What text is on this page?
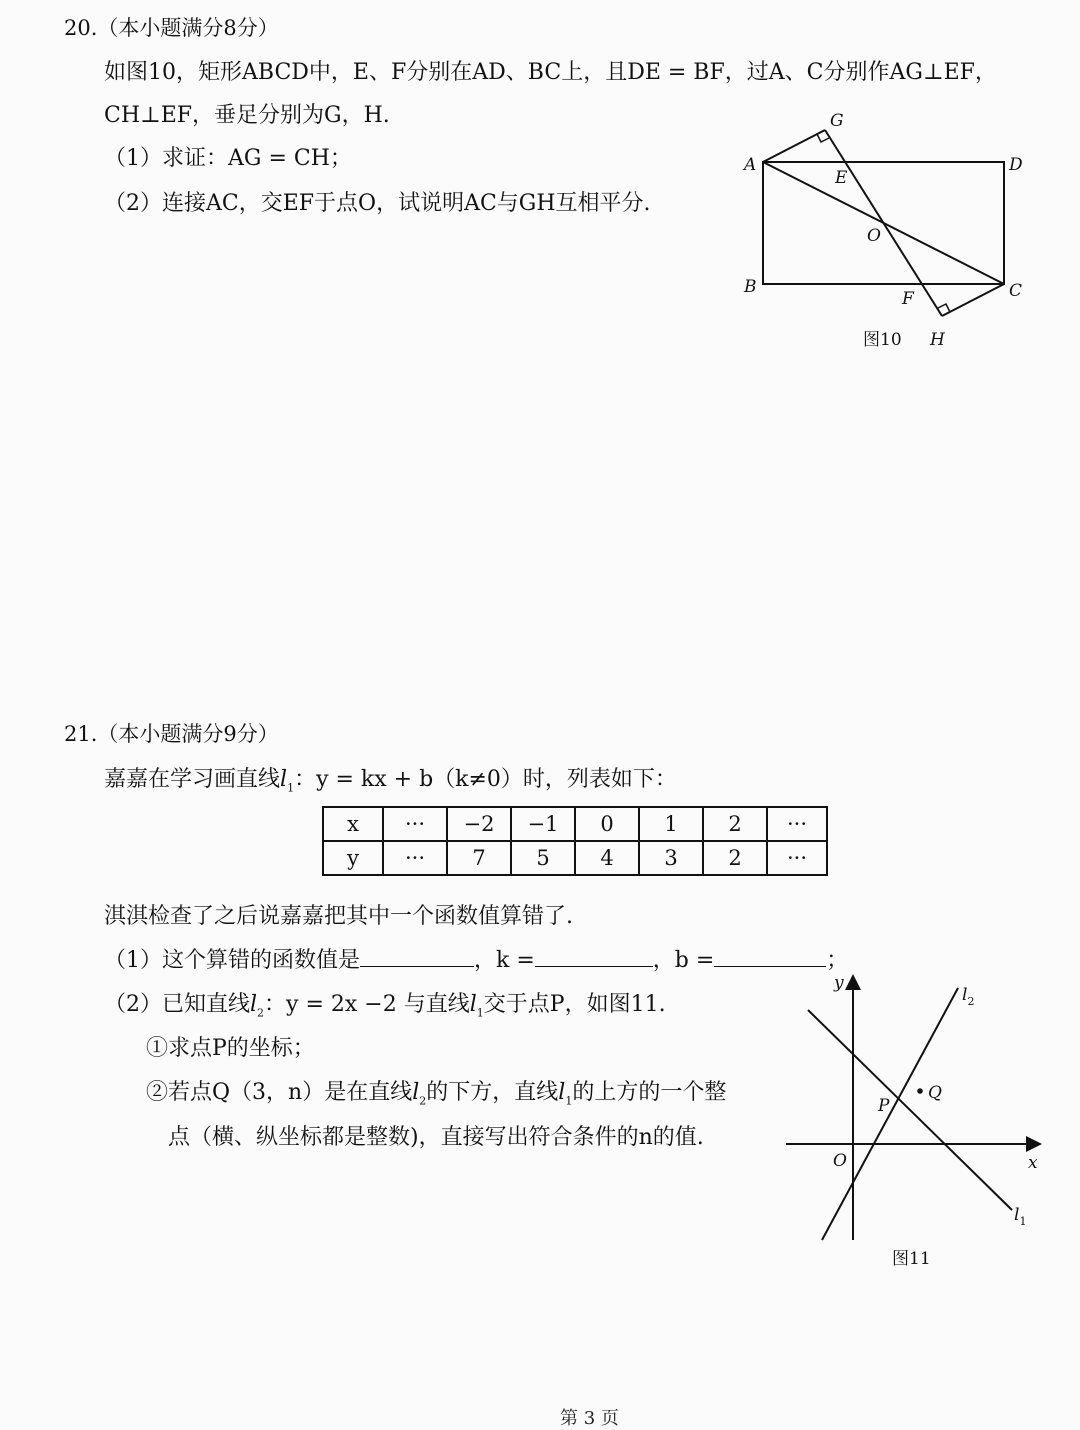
20.（本小题满分8分）
如图10，矩形ABCD中，E、F分别在AD、BC上，且DE = BF，过A、C分别作AG⊥EF，
CH⊥EF，垂足分别为G，H.
（1）求证：AG = CH；
（2）连接AC，交EF于点O，试说明AC与GH互相平分.
G
A	D
E
O
B	C
F
H
图10
21.（本小题满分9分）
嘉嘉在学习画直线$l_1$：y = kx + b（k≠0）时，列表如下：
x	···	−2	−1	0	1	2	···
y	···	7	5	4	3	2	···
淇淇检查了之后说嘉嘉把其中一个函数值算错了.
（1）这个算错的函数值是	，k =	，b =	；
（2）已知直线$l_2$：y = 2x −2 与直线$l_1$交于点P，如图11.
①求点P的坐标；
②若点Q（3，n）是在直线$l_2$的下方，直线$l_1$的上方的一个整
点（横、纵坐标都是整数)，直接写出符合条件的n的值.
y
x
O
P
Q
$l_2$
$l_1$
图11
第 3 页
